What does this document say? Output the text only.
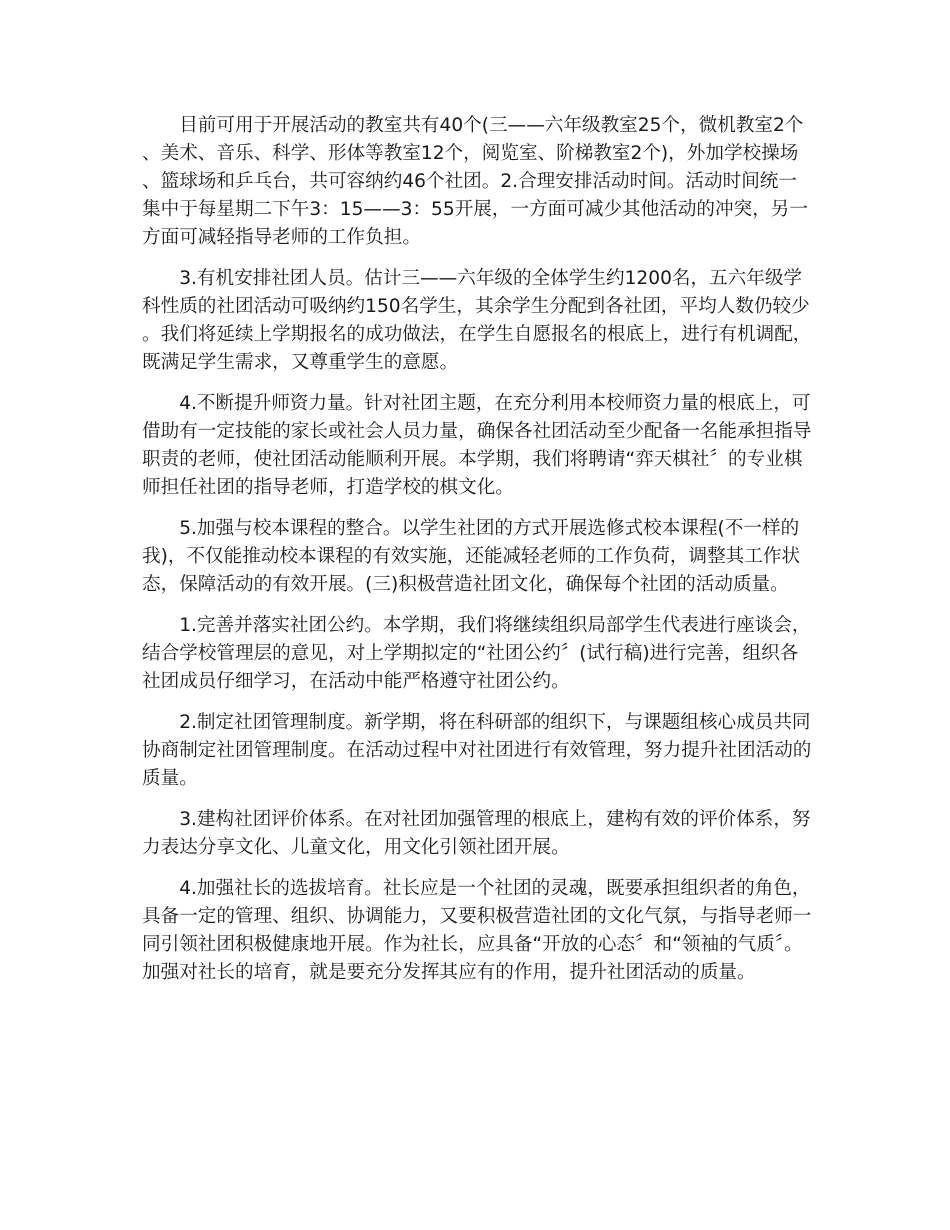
目前可用于开展活动的教室共有40个(三——六年级教室25个，微机教室2个、美术、音乐、科学、形体等教室12个，阅览室、阶梯教室2个)，外加学校操场、篮球场和乒乓台，共可容纳约46个社团。2.合理安排活动时间。活动时间统一集中于每星期二下午3：15——3：55开展，一方面可减少其他活动的冲突，另一方面可减轻指导老师的工作负担。

3.有机安排社团人员。估计三——六年级的全体学生约1200名，五六年级学科性质的社团活动可吸纳约150名学生，其余学生分配到各社团，平均人数仍较少。我们将延续上学期报名的成功做法，在学生自愿报名的根底上，进行有机调配，既满足学生需求，又尊重学生的意愿。

4.不断提升师资力量。针对社团主题，在充分利用本校师资力量的根底上，可借助有一定技能的家长或社会人员力量，确保各社团活动至少配备一名能承担指导职责的老师，使社团活动能顺利开展。本学期，我们将聘请“弈天棋社〞的专业棋师担任社团的指导老师，打造学校的棋文化。

5.加强与校本课程的整合。以学生社团的方式开展选修式校本课程(不一样的我)，不仅能推动校本课程的有效实施，还能减轻老师的工作负荷，调整其工作状态，保障活动的有效开展。(三)积极营造社团文化，确保每个社团的活动质量。

1.完善并落实社团公约。本学期，我们将继续组织局部学生代表进行座谈会，结合学校管理层的意见，对上学期拟定的“社团公约〞(试行稿)进行完善，组织各社团成员仔细学习，在活动中能严格遵守社团公约。

2.制定社团管理制度。新学期，将在科研部的组织下，与课题组核心成员共同协商制定社团管理制度。在活动过程中对社团进行有效管理，努力提升社团活动的质量。

3.建构社团评价体系。在对社团加强管理的根底上，建构有效的评价体系，努力表达分享文化、儿童文化，用文化引领社团开展。

4.加强社长的选拔培育。社长应是一个社团的灵魂，既要承担组织者的角色，具备一定的管理、组织、协调能力，又要积极营造社团的文化气氛，与指导老师一同引领社团积极健康地开展。作为社长，应具备“开放的心态〞和“领袖的气质〞。加强对社长的培育，就是要充分发挥其应有的作用，提升社团活动的质量。
